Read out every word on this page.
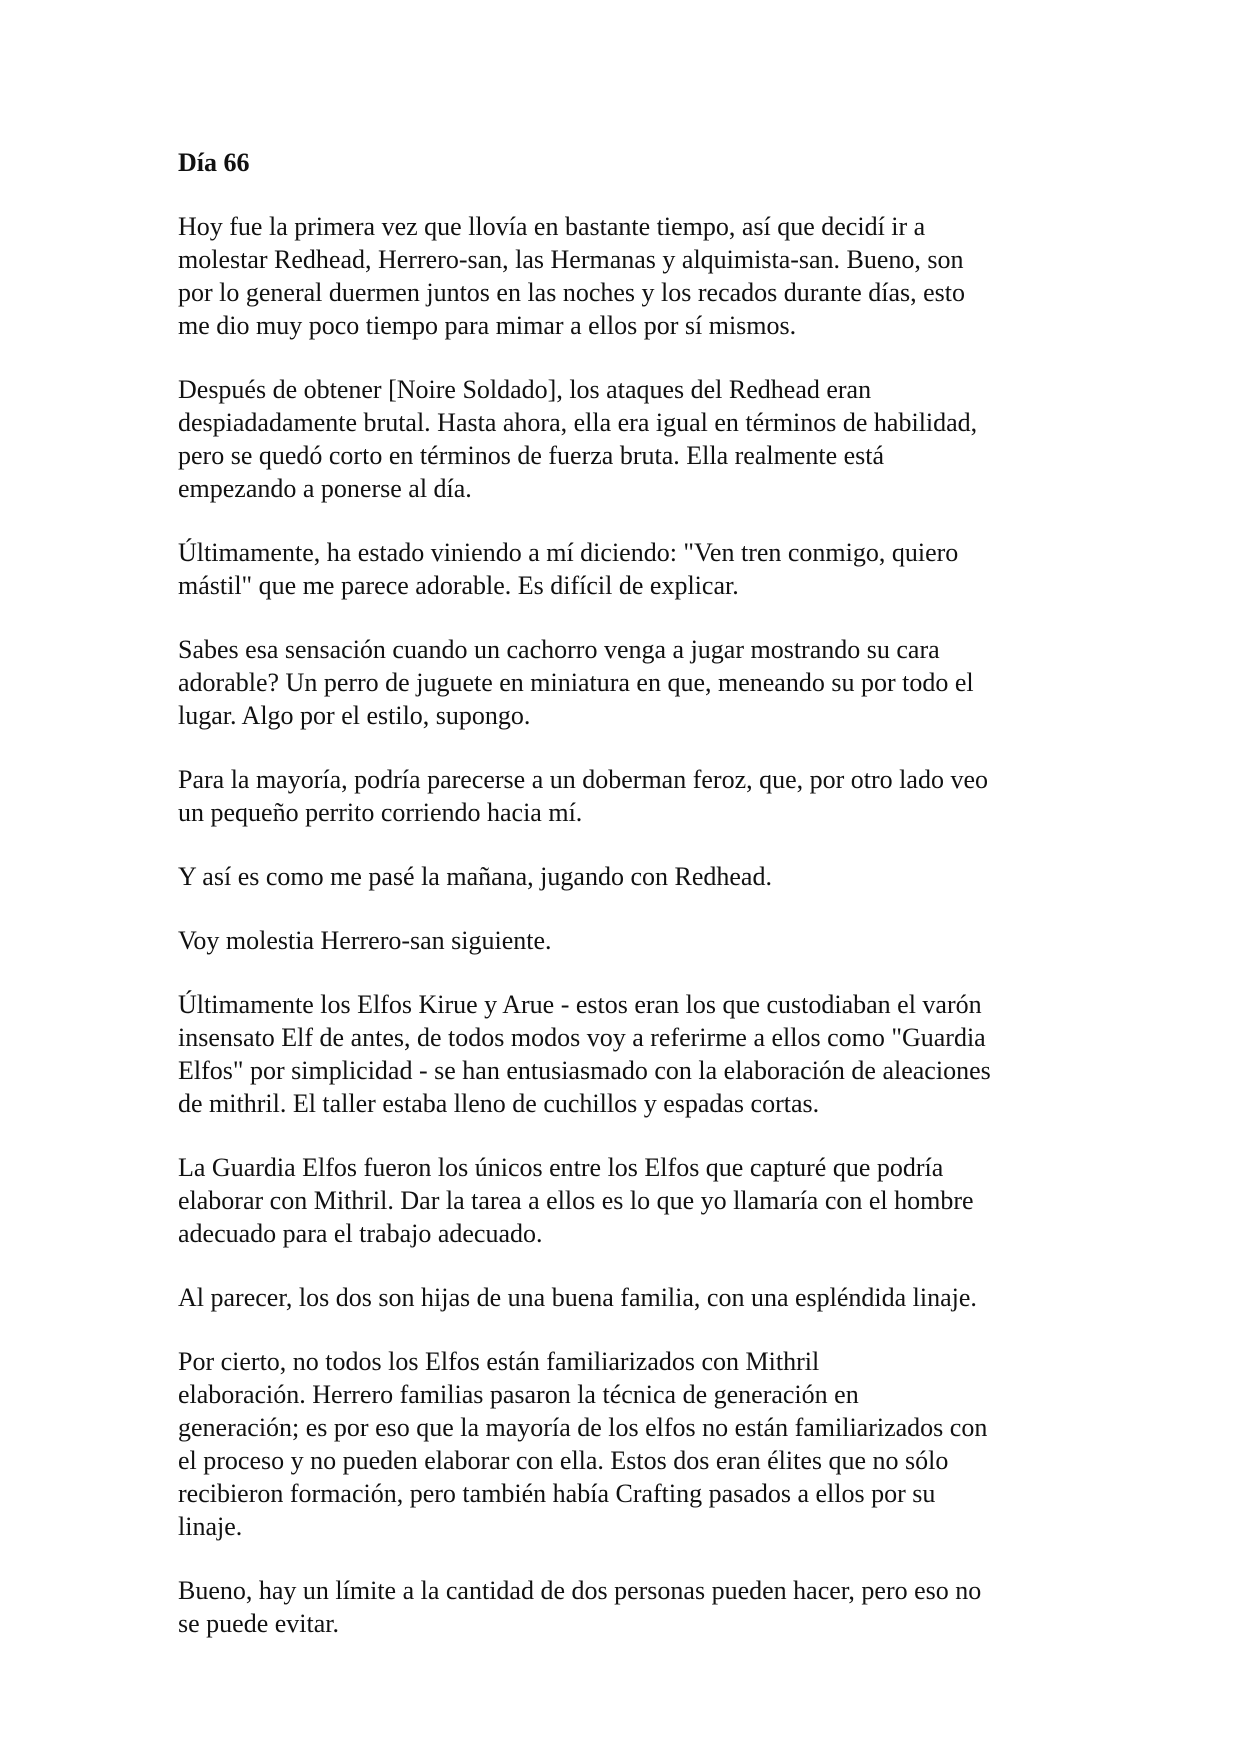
Día 66
Hoy fue la primera vez que llovía en bastante tiempo, así que decidí ir a
molestar Redhead, Herrero-san, las Hermanas y alquimista-san. Bueno, son
por lo general duermen juntos en las noches y los recados durante días, esto
me dio muy poco tiempo para mimar a ellos por sí mismos.
Después de obtener [Noire Soldado], los ataques del Redhead eran
despiadadamente brutal. Hasta ahora, ella era igual en términos de habilidad,
pero se quedó corto en términos de fuerza bruta. Ella realmente está
empezando a ponerse al día.
Últimamente, ha estado viniendo a mí diciendo: "Ven tren conmigo, quiero
mástil" que me parece adorable. Es difícil de explicar.
Sabes esa sensación cuando un cachorro venga a jugar mostrando su cara
adorable? Un perro de juguete en miniatura en que, meneando su por todo el
lugar. Algo por el estilo, supongo.
Para la mayoría, podría parecerse a un doberman feroz, que, por otro lado veo
un pequeño perrito corriendo hacia mí.
Y así es como me pasé la mañana, jugando con Redhead.
Voy molestia Herrero-san siguiente.
Últimamente los Elfos Kirue y Arue - estos eran los que custodiaban el varón
insensato Elf de antes, de todos modos voy a referirme a ellos como "Guardia
Elfos" por simplicidad - se han entusiasmado con la elaboración de aleaciones
de mithril. El taller estaba lleno de cuchillos y espadas cortas.
La Guardia Elfos fueron los únicos entre los Elfos que capturé que podría
elaborar con Mithril. Dar la tarea a ellos es lo que yo llamaría con el hombre
adecuado para el trabajo adecuado.
Al parecer, los dos son hijas de una buena familia, con una espléndida linaje.
Por cierto, no todos los Elfos están familiarizados con Mithril
elaboración. Herrero familias pasaron la técnica de generación en
generación; es por eso que la mayoría de los elfos no están familiarizados con
el proceso y no pueden elaborar con ella. Estos dos eran élites que no sólo
recibieron formación, pero también había Crafting pasados a ellos por su
linaje.
Bueno, hay un límite a la cantidad de dos personas pueden hacer, pero eso no
se puede evitar.
